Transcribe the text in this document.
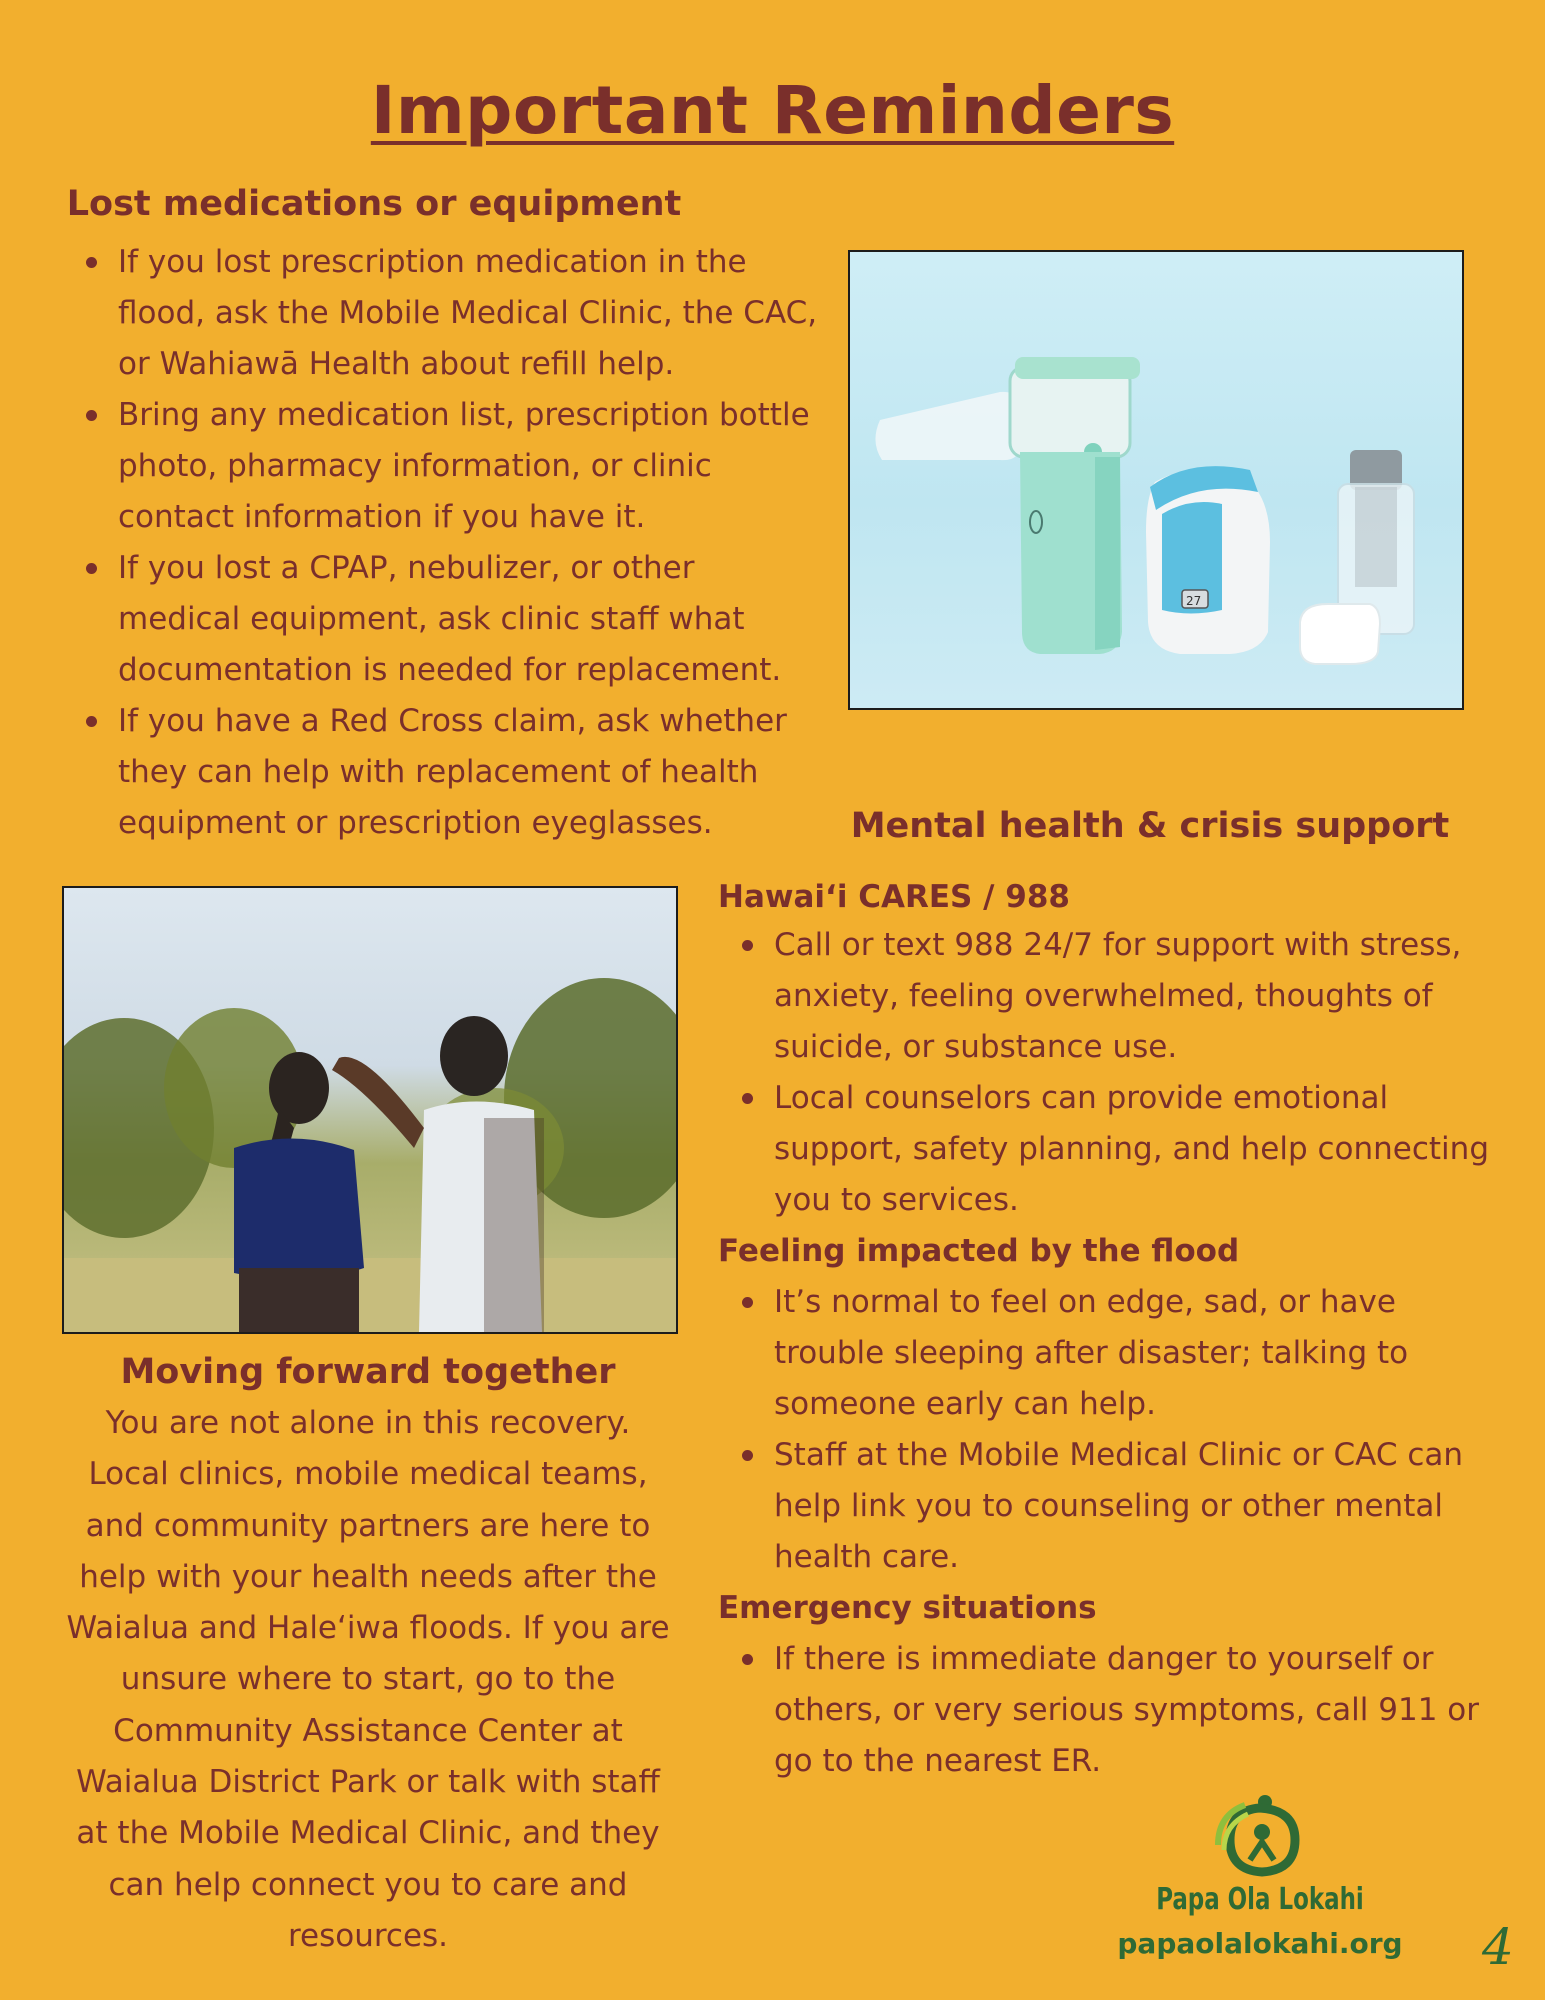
Important Reminders
Lost medications or equipment
If you lost prescription medication in the flood, ask the Mobile Medical Clinic, the CAC, or Wahiawā Health about refill help.
Bring any medication list, prescription bottle photo, pharmacy information, or clinic contact information if you have it.
If you lost a CPAP, nebulizer, or other medical equipment, ask clinic staff what documentation is needed for replacement.
If you have a Red Cross claim, ask whether they can help with replacement of health equipment or prescription eyeglasses.
27
Mental health & crisis support
Moving forward together

You are not alone in this recovery. Local clinics, mobile medical teams, and community partners are here to help with your health needs after the Waialua and Haleʻiwa floods. If you are unsure where to start, go to the Community Assistance Center at Waialua District Park or talk with staff at the Mobile Medical Clinic, and they can help connect you to care and resources.

Hawaiʻi CARES / 988
Call or text 988 24/7 for support with stress, anxiety, feeling overwhelmed, thoughts of suicide, or substance use.
Local counselors can provide emotional support, safety planning, and help connecting you to services.
Feeling impacted by the flood
It’s normal to feel on edge, sad, or have trouble sleeping after disaster; talking to someone early can help.
Staff at the Mobile Medical Clinic or CAC can help link you to counseling or other mental health care.
Emergency situations
If there is immediate danger to yourself or others, or very serious symptoms, call 911 or go to the nearest ER.
Papa Ola Lokahi
papaolalokahi.org	4
